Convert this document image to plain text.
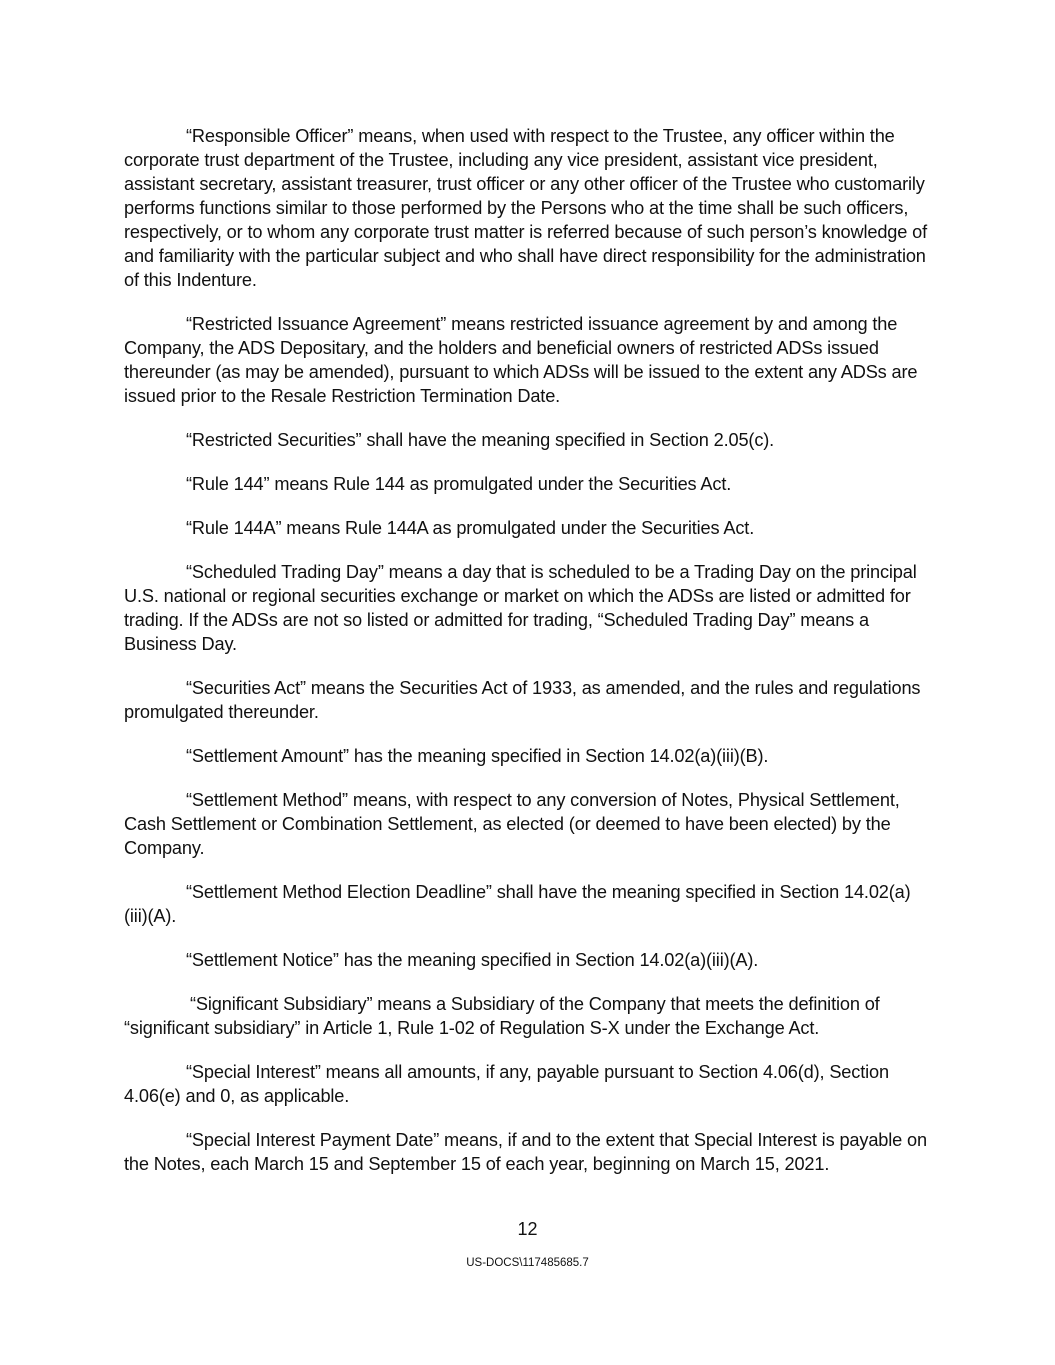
“Responsible Officer” means, when used with respect to the Trustee, any officer within the corporate trust department of the Trustee, including any vice president, assistant vice president, assistant secretary, assistant treasurer, trust officer or any other officer of the Trustee who customarily performs functions similar to those performed by the Persons who at the time shall be such officers, respectively, or to whom any corporate trust matter is referred because of such person’s knowledge of and familiarity with the particular subject and who shall have direct responsibility for the administration of this Indenture.

“Restricted Issuance Agreement” means restricted issuance agreement by and among the Company, the ADS Depositary, and the holders and beneficial owners of restricted ADSs issued thereunder (as may be amended), pursuant to which ADSs will be issued to the extent any ADSs are issued prior to the Resale Restriction Termination Date.

“Restricted Securities” shall have the meaning specified in Section 2.05(c).

“Rule 144” means Rule 144 as promulgated under the Securities Act.

“Rule 144A” means Rule 144A as promulgated under the Securities Act.

“Scheduled Trading Day” means a day that is scheduled to be a Trading Day on the principal U.S. national or regional securities exchange or market on which the ADSs are listed or admitted for trading. If the ADSs are not so listed or admitted for trading, “Scheduled Trading Day” means a Business Day.

“Securities Act” means the Securities Act of 1933, as amended, and the rules and regulations promulgated thereunder.

“Settlement Amount” has the meaning specified in Section 14.02(a)(iii)(B).

“Settlement Method” means, with respect to any conversion of Notes, Physical Settlement, Cash Settlement or Combination Settlement, as elected (or deemed to have been elected) by the Company.

“Settlement Method Election Deadline” shall have the meaning specified in Section 14.02(a)(iii)(A).

“Settlement Notice” has the meaning specified in Section 14.02(a)(iii)(A).

“Significant Subsidiary” means a Subsidiary of the Company that meets the definition of “significant subsidiary” in Article 1, Rule 1-02 of Regulation S-X under the Exchange Act.

“Special Interest” means all amounts, if any, payable pursuant to Section 4.06(d), Section 4.06(e) and 0, as applicable.

“Special Interest Payment Date” means, if and to the extent that Special Interest is payable on the Notes, each March 15 and September 15 of each year, beginning on March 15, 2021.

12
US-DOCS\117485685.7
